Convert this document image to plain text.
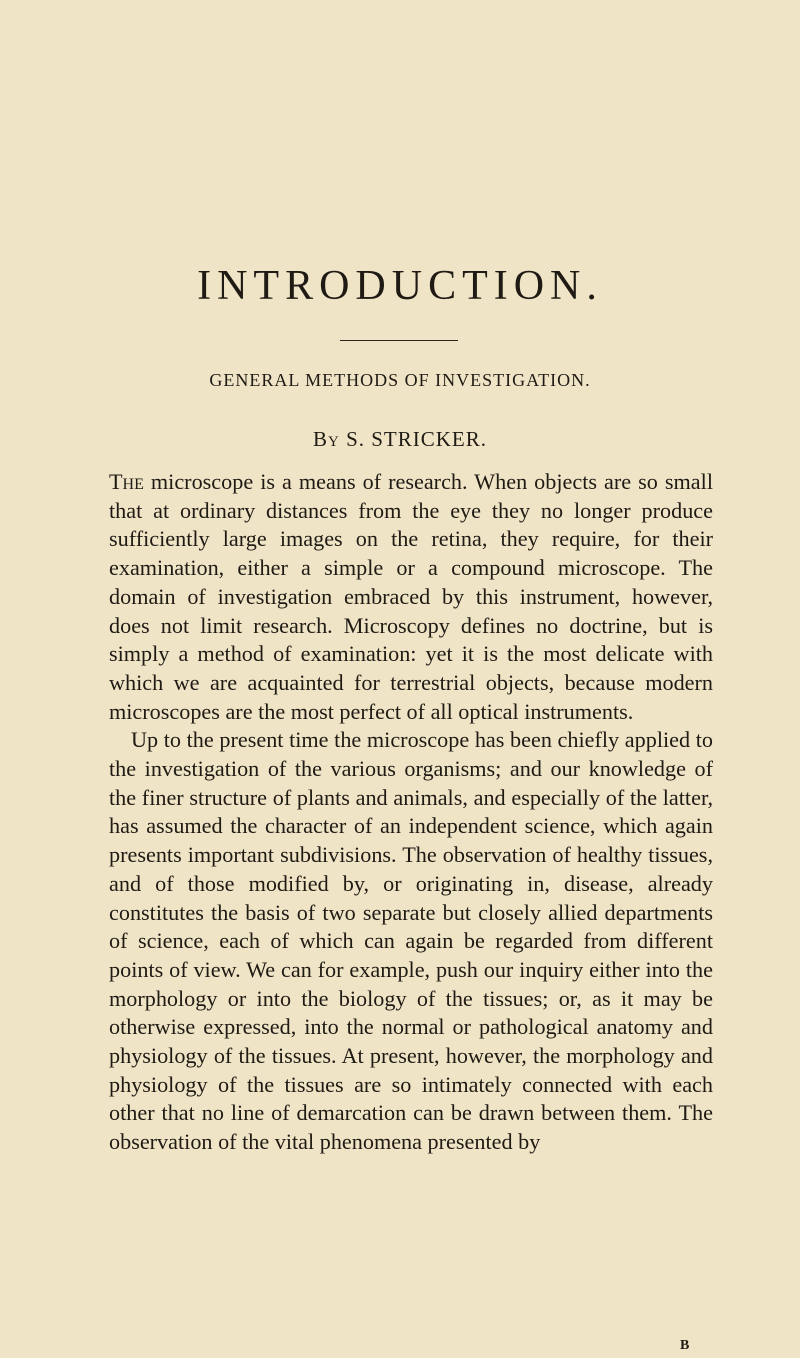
INTRODUCTION.
GENERAL METHODS OF INVESTIGATION.
By S. STRICKER.

The microscope is a means of research. When objects are so small that at ordinary distances from the eye they no longer produce sufficiently large images on the retina, they require, for their examination, either a simple or a compound microscope. The domain of investigation embraced by this instrument, however, does not limit research. Microscopy defines no doctrine, but is simply a method of examination: yet it is the most delicate with which we are acquainted for terrestrial objects, because modern microscopes are the most perfect of all optical instruments.

Up to the present time the microscope has been chiefly applied to the investigation of the various organisms; and our knowledge of the finer structure of plants and animals, and especially of the latter, has assumed the character of an independent science, which again presents important subdivisions. The observation of healthy tissues, and of those modified by, or originating in, disease, already constitutes the basis of two separate but closely allied departments of science, each of which can again be regarded from different points of view. We can for example, push our inquiry either into the morphology or into the biology of the tissues; or, as it may be otherwise expressed, into the normal or pathological anatomy and physiology of the tissues. At present, however, the morphology and physiology of the tissues are so intimately connected with each other that no line of demarcation can be drawn between them. The observation of the vital phenomena presented by

B
